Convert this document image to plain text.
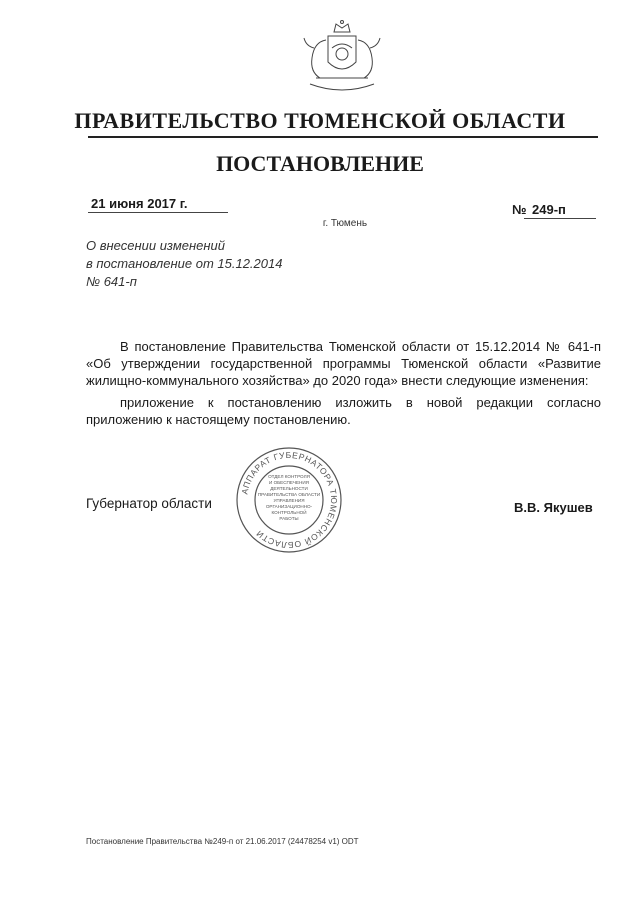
ПРАВИТЕЛЬСТВО ТЮМЕНСКОЙ ОБЛАСТИ
ПОСТАНОВЛЕНИЕ
21 июня 2017 г.	№ 249-п
г. Тюмень
О внесении изменений
в постановление от 15.12.2014
№ 641-п

В постановление Правительства Тюменской области от 15.12.2014 № 641-п «Об утверждении государственной программы Тюменской области «Развитие жилищно-коммунального хозяйства» до 2020 года» внести следующие изменения:

приложение к постановлению изложить в новой редакции согласно приложению к настоящему постановлению.

Губернатор области	В.В. Якушев
АППАРАТ ГУБЕРНАТОРА ТЮМЕНСКОЙ ОБЛАСТИ
ОТДЕЛ КОНТРОЛЯ
И ОБЕСПЕЧЕНИЯ
ДЕЯТЕЛЬНОСТИ
ПРАВИТЕЛЬСТВА ОБЛАСТИ
УПРАВЛЕНИЯ
ОРГАНИЗАЦИОННО-
КОНТРОЛЬНОЙ
РАБОТЫ
Постановление Правительства №249-п от 21.06.2017 (24478254 v1) ODT
